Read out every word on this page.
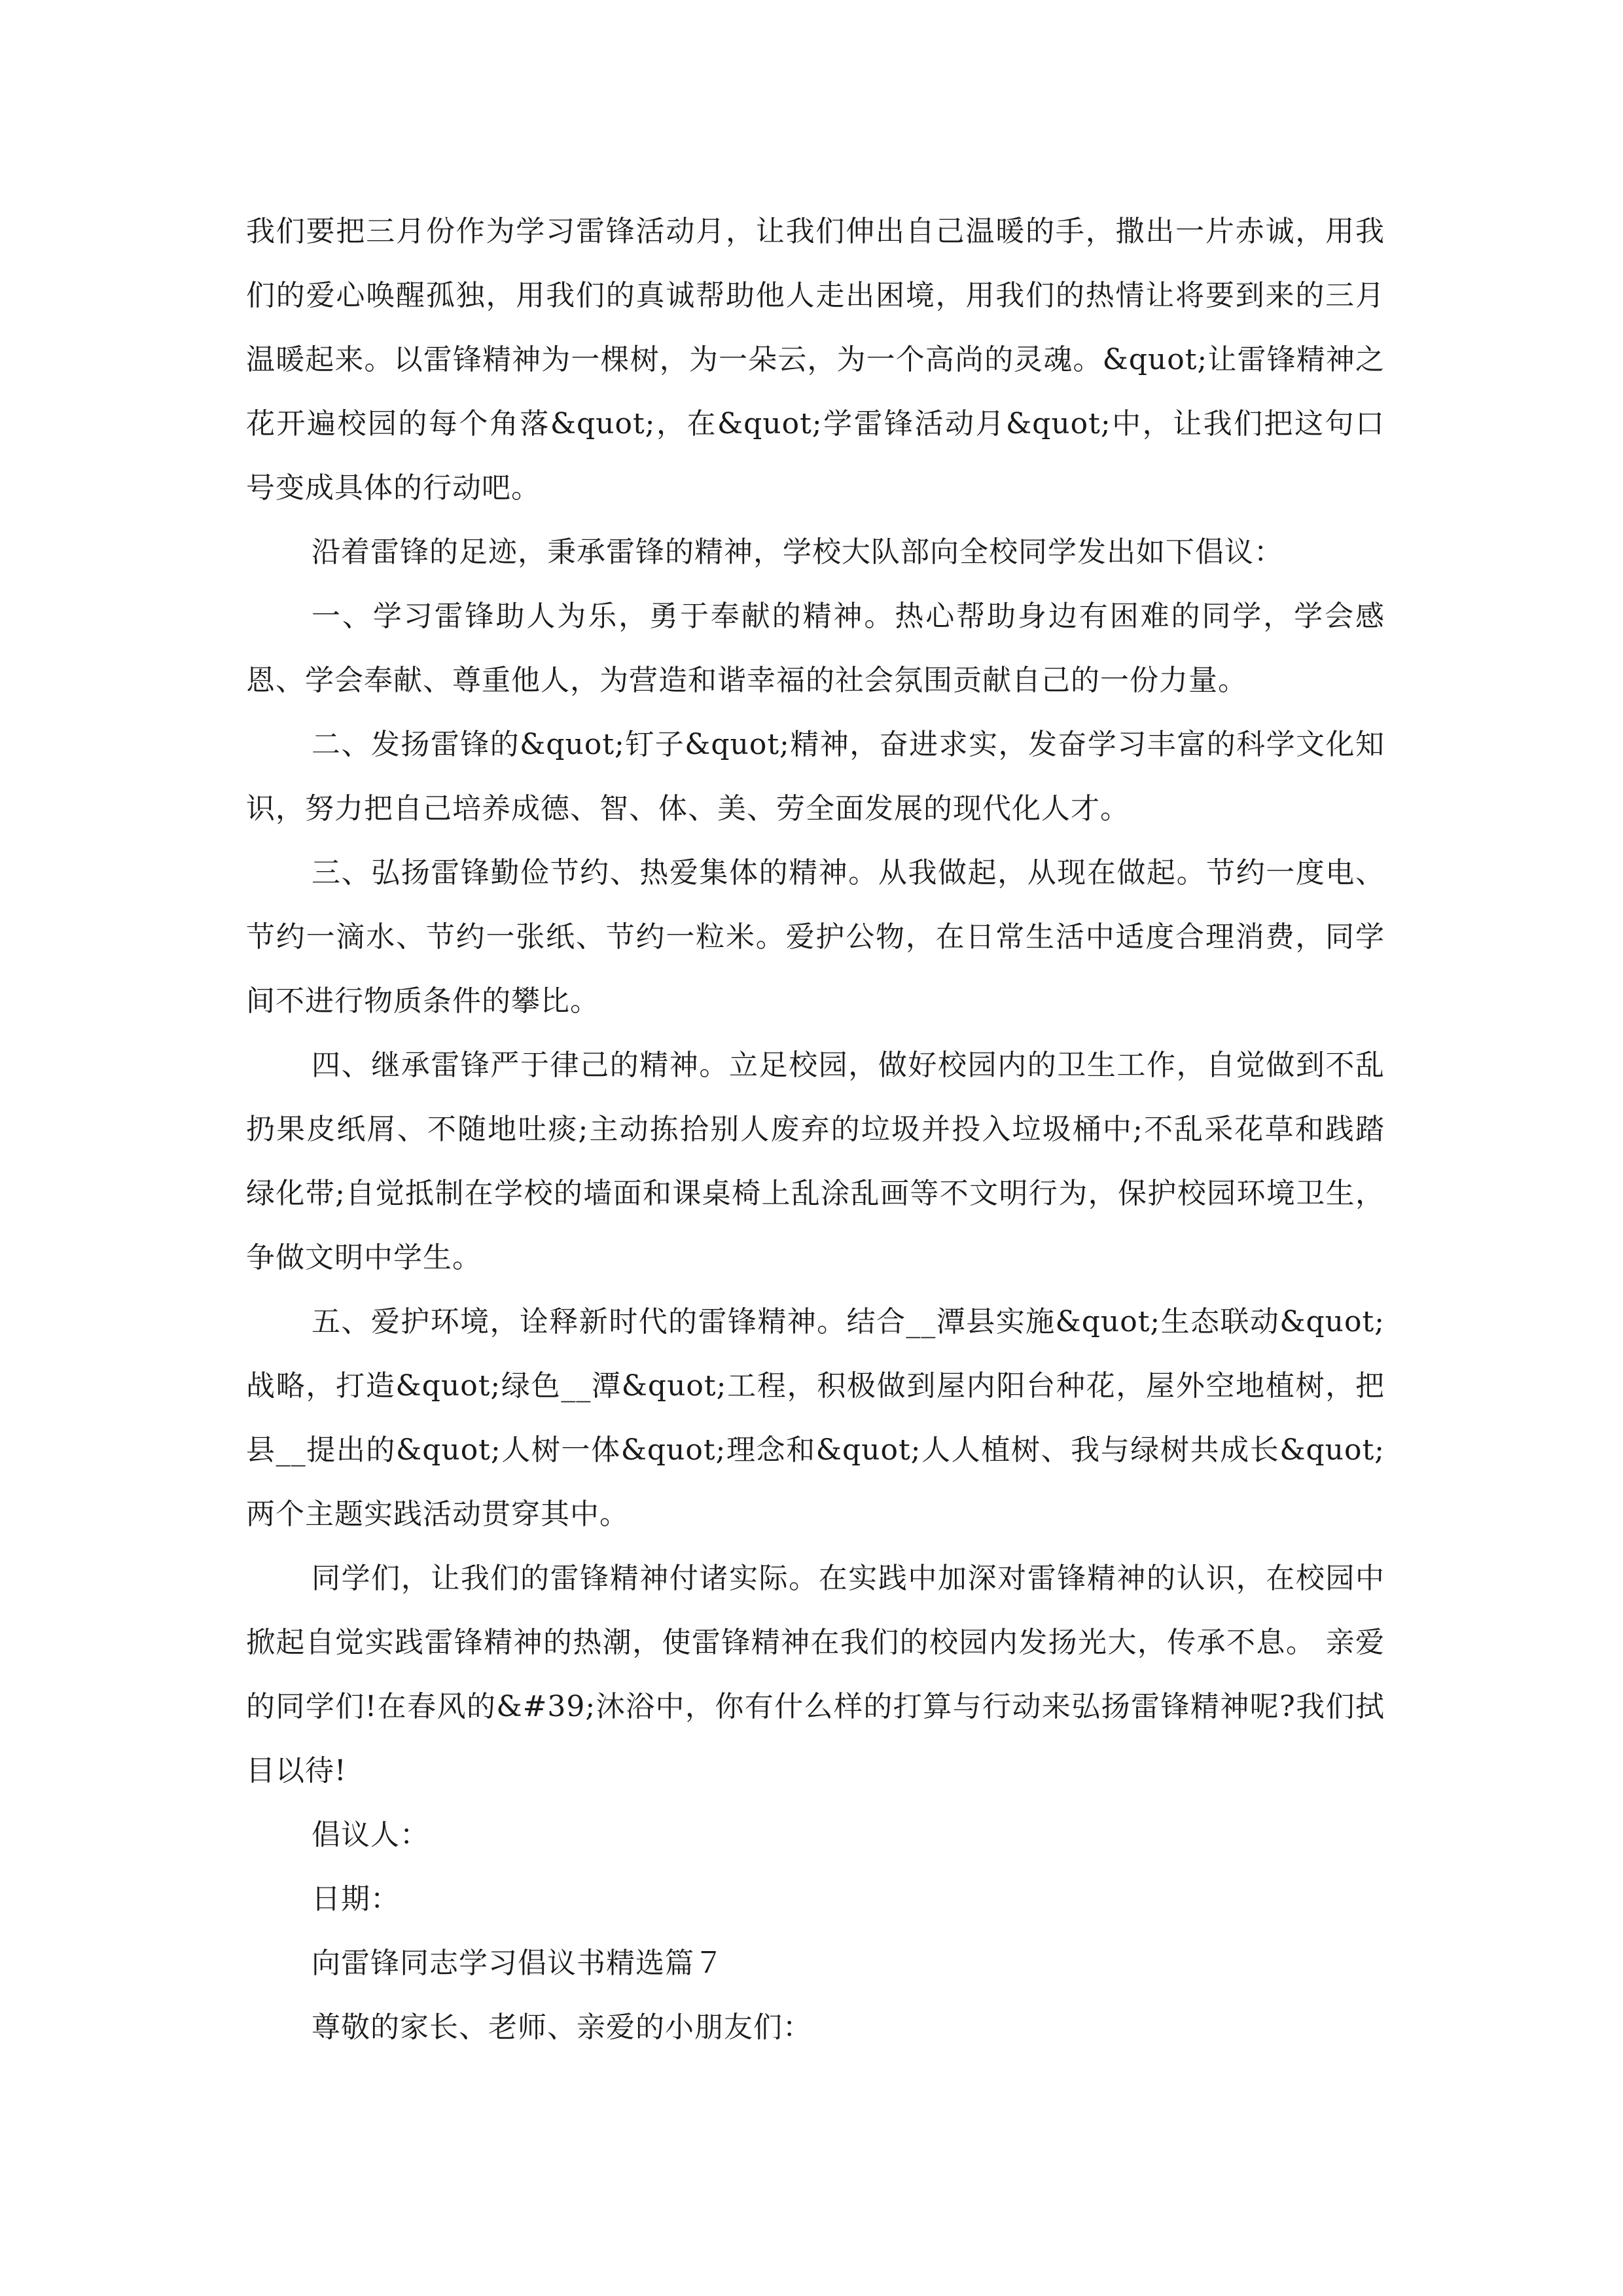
我们要把三月份作为学习雷锋活动月，让我们伸出自己温暖的手，撒出一片赤诚，用我们的爱心唤醒孤独，用我们的真诚帮助他人走出困境，用我们的热情让将要到来的三月温暖起来。以雷锋精神为一棵树，为一朵云，为一个高尚的灵魂。&quot;让雷锋精神之花开遍校园的每个角落&quot;，在&quot;学雷锋活动月&quot;中，让我们把这句口号变成具体的行动吧。

沿着雷锋的足迹，秉承雷锋的精神，学校大队部向全校同学发出如下倡议：

一、学习雷锋助人为乐，勇于奉献的精神。热心帮助身边有困难的同学，学会感恩、学会奉献、尊重他人，为营造和谐幸福的社会氛围贡献自己的一份力量。

二、发扬雷锋的&quot;钉子&quot;精神，奋进求实，发奋学习丰富的科学文化知识，努力把自己培养成德、智、体、美、劳全面发展的现代化人才。

三、弘扬雷锋勤俭节约、热爱集体的精神。从我做起，从现在做起。节约一度电、节约一滴水、节约一张纸、节约一粒米。爱护公物，在日常生活中适度合理消费，同学间不进行物质条件的攀比。

四、继承雷锋严于律己的精神。立足校园，做好校园内的卫生工作，自觉做到不乱扔果皮纸屑、不随地吐痰;主动拣拾别人废弃的垃圾并投入垃圾桶中;不乱采花草和践踏绿化带;自觉抵制在学校的墙面和课桌椅上乱涂乱画等不文明行为，保护校园环境卫生，争做文明中学生。

五、爱护环境，诠释新时代的雷锋精神。结合__潭县实施&quot;生态联动&quot;战略，打造&quot;绿色__潭&quot;工程，积极做到屋内阳台种花，屋外空地植树，把县__提出的&quot;人树一体&quot;理念和&quot;人人植树、我与绿树共成长&quot;两个主题实践活动贯穿其中。

同学们，让我们的雷锋精神付诸实际。在实践中加深对雷锋精神的认识，在校园中掀起自觉实践雷锋精神的热潮，使雷锋精神在我们的校园内发扬光大，传承不息。 亲爱的同学们!在春风的&#39;沐浴中，你有什么样的打算与行动来弘扬雷锋精神呢?我们拭目以待!

倡议人：

日期：

向雷锋同志学习倡议书精选篇７

尊敬的家长、老师、亲爱的小朋友们：
